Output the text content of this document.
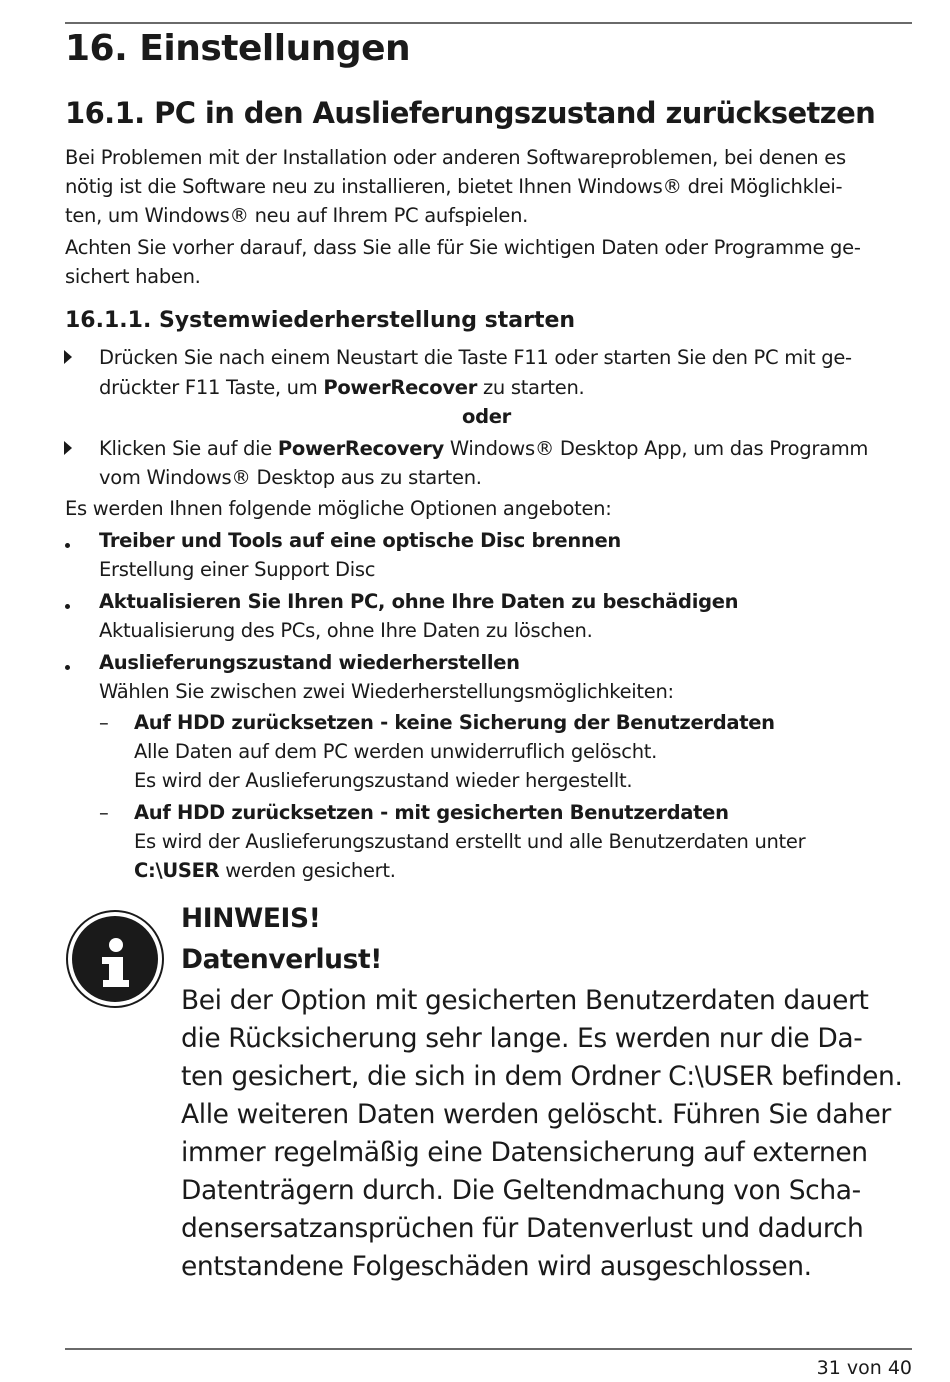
16. Einstellungen
16.1. PC in den Auslieferungszustand zurücksetzen
Bei Problemen mit der Installation oder anderen Softwareproblemen, bei denen es
nötig ist die Software neu zu installieren, bietet Ihnen Windows® drei Möglichklei-
ten, um Windows® neu auf Ihrem PC aufspielen.
Achten Sie vorher darauf, dass Sie alle für Sie wichtigen Daten oder Programme ge-
sichert haben.
16.1.1. Systemwiederherstellung starten
Drücken Sie nach einem Neustart die Taste F11 oder starten Sie den PC mit ge-
drückter F11 Taste, um PowerRecover zu starten.
oder
Klicken Sie auf die PowerRecovery Windows® Desktop App, um das Programm
vom Windows® Desktop aus zu starten.
Es werden Ihnen folgende mögliche Optionen angeboten:
Treiber und Tools auf eine optische Disc brennen
Erstellung einer Support Disc
Aktualisieren Sie Ihren PC, ohne Ihre Daten zu beschädigen
Aktualisierung des PCs, ohne Ihre Daten zu löschen.
Auslieferungszustand wiederherstellen
Wählen Sie zwischen zwei Wiederherstellungsmöglichkeiten:
– Auf HDD zurücksetzen - keine Sicherung der Benutzerdaten
Alle Daten auf dem PC werden unwiderruflich gelöscht.
Es wird der Auslieferungszustand wieder hergestellt.
– Auf HDD zurücksetzen - mit gesicherten Benutzerdaten
Es wird der Auslieferungszustand erstellt und alle Benutzerdaten unter
C:\USER werden gesichert.
HINWEIS!
Datenverlust!
Bei der Option mit gesicherten Benutzerdaten dauert
die Rücksicherung sehr lange. Es werden nur die Da-
ten gesichert, die sich in dem Ordner C:\USER befinden.
Alle weiteren Daten werden gelöscht. Führen Sie daher
immer regelmäßig eine Datensicherung auf externen
Datenträgern durch. Die Geltendmachung von Scha-
densersatzansprüchen für Datenverlust und dadurch
entstandene Folgeschäden wird ausgeschlossen.
31 von 40
